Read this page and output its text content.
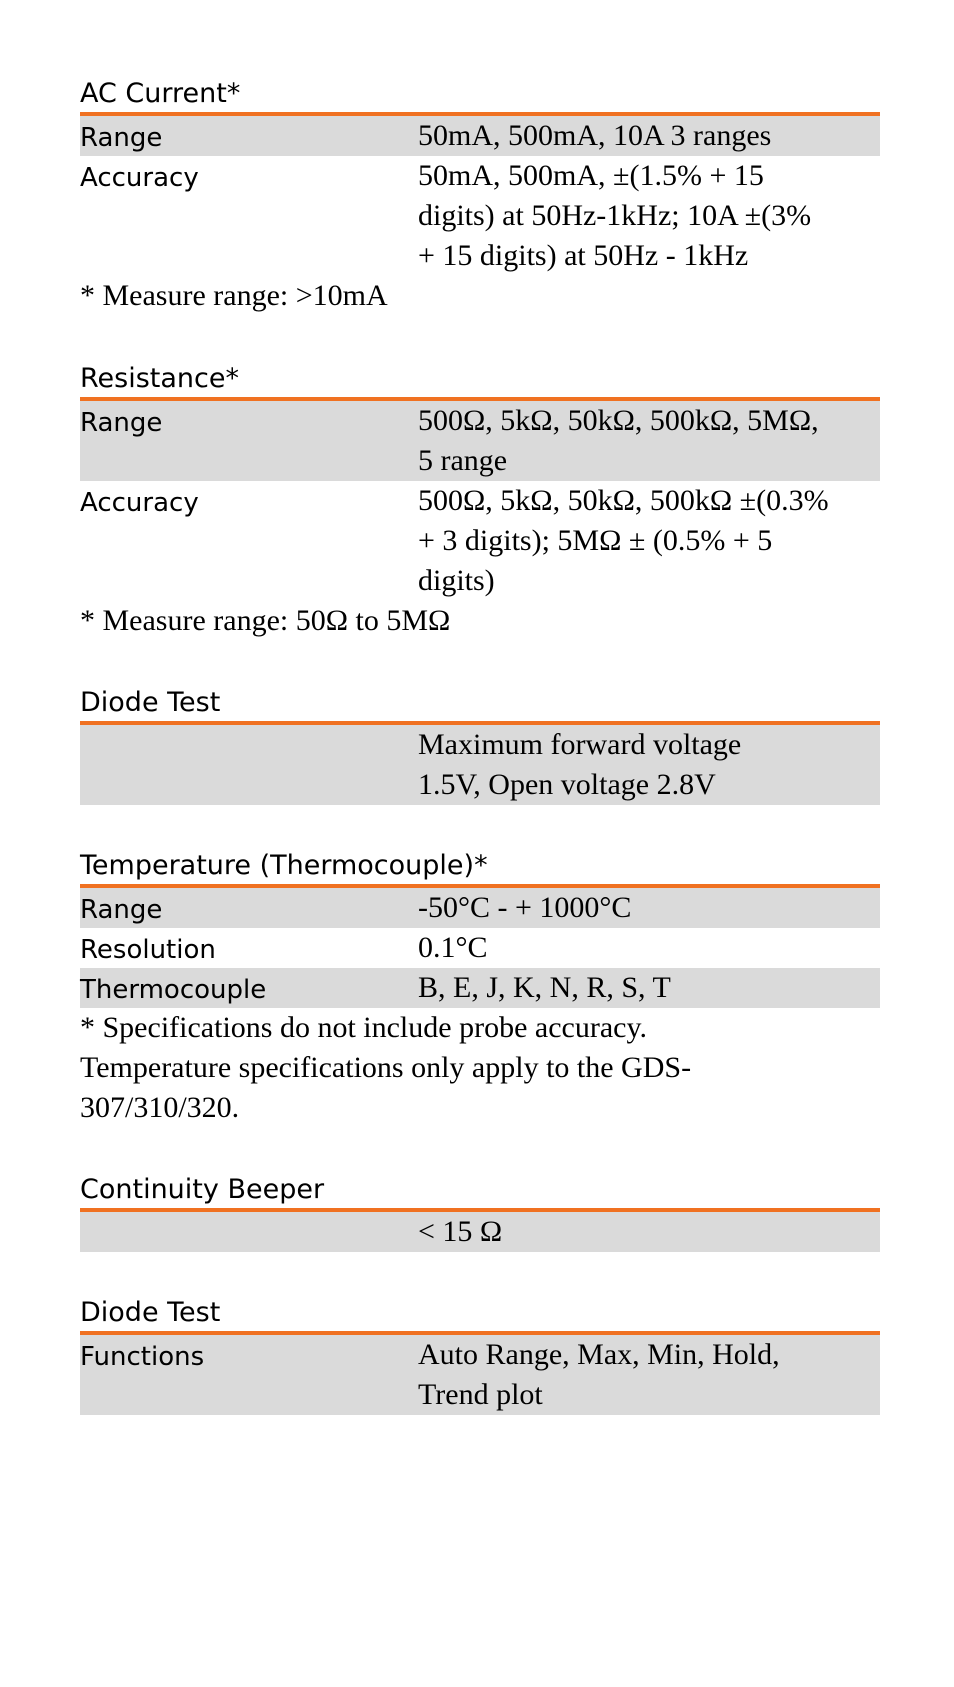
AC Current*
Range	50mA, 500mA, 10A 3 ranges
Accuracy	50mA, 500mA, ±(1.5% + 15
digits) at 50Hz-1kHz; 10A ±(3%
+ 15 digits) at 50Hz - 1kHz
* Measure range: >10mA
Resistance*
Range	500Ω, 5kΩ, 50kΩ, 500kΩ, 5MΩ,
5 range
Accuracy	500Ω, 5kΩ, 50kΩ, 500kΩ ±(0.3%
+ 3 digits); 5MΩ ± (0.5% + 5
digits)
* Measure range: 50Ω to 5MΩ
Diode Test
Maximum forward voltage
1.5V, Open voltage 2.8V
Temperature (Thermocouple)*
Range	-50°C - + 1000°C
Resolution	0.1°C
Thermocouple	B, E, J, K, N, R, S, T
* Specifications do not include probe accuracy.
Temperature specifications only apply to the GDS-
307/310/320.
Continuity Beeper
< 15 Ω
Diode Test
Functions	Auto Range, Max, Min, Hold,
Trend plot
